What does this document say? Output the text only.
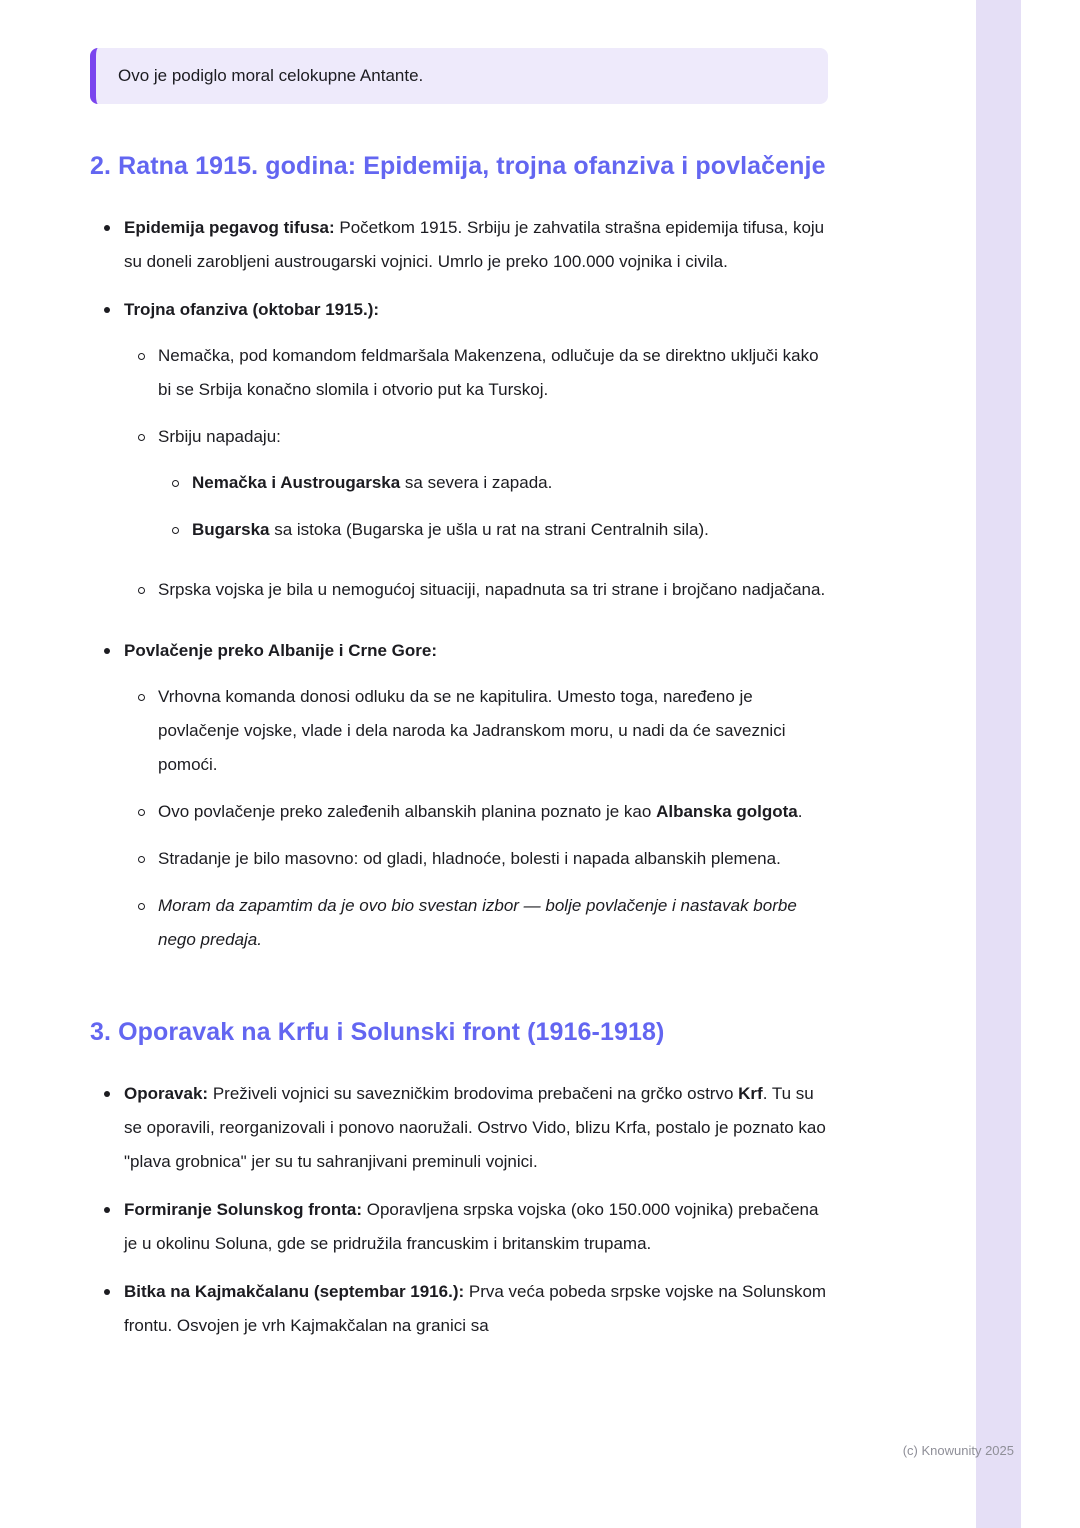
Ovo je podiglo moral celokupne Antante.
2. Ratna 1915. godina: Epidemija, trojna ofanziva i povlačenje
Epidemija pegavog tifusa: Početkom 1915. Srbiju je zahvatila strašna epidemija tifusa, koju su doneli zarobljeni austrougarski vojnici. Umrlo je preko 100.000 vojnika i civila.
Trojna ofanziva (oktobar 1915.):
Nemačka, pod komandom feldmaršala Makenzena, odlučuje da se direktno uključi kako bi se Srbija konačno slomila i otvorio put ka Turskoj.
Srbiju napadaju:
Nemačka i Austrougarska sa severa i zapada.
Bugarska sa istoka (Bugarska je ušla u rat na strani Centralnih sila).
Srpska vojska je bila u nemogućoj situaciji, napadnuta sa tri strane i brojčano nadjačana.
Povlačenje preko Albanije i Crne Gore:
Vrhovna komanda donosi odluku da se ne kapitulira. Umesto toga, naređeno je povlačenje vojske, vlade i dela naroda ka Jadranskom moru, u nadi da će saveznici pomoći.
Ovo povlačenje preko zaleđenih albanskih planina poznato je kao Albanska golgota.
Stradanje je bilo masovno: od gladi, hladnoće, bolesti i napada albanskih plemena.
Moram da zapamtim da je ovo bio svestan izbor — bolje povlačenje i nastavak borbe nego predaja.
3. Oporavak na Krfu i Solunski front (1916-1918)
Oporavak: Preživeli vojnici su savezničkim brodovima prebačeni na grčko ostrvo Krf. Tu su se oporavili, reorganizovali i ponovo naoružali. Ostrvo Vido, blizu Krfa, postalo je poznato kao "plava grobnica" jer su tu sahranjivani preminuli vojnici.
Formiranje Solunskog fronta: Oporavljena srpska vojska (oko 150.000 vojnika) prebačena je u okolinu Soluna, gde se pridružila francuskim i britanskim trupama.
Bitka na Kajmakčalanu (septembar 1916.): Prva veća pobeda srpske vojske na Solunskom frontu. Osvojen je vrh Kajmakčalan na granici sa
(c) Knowunity 2025
